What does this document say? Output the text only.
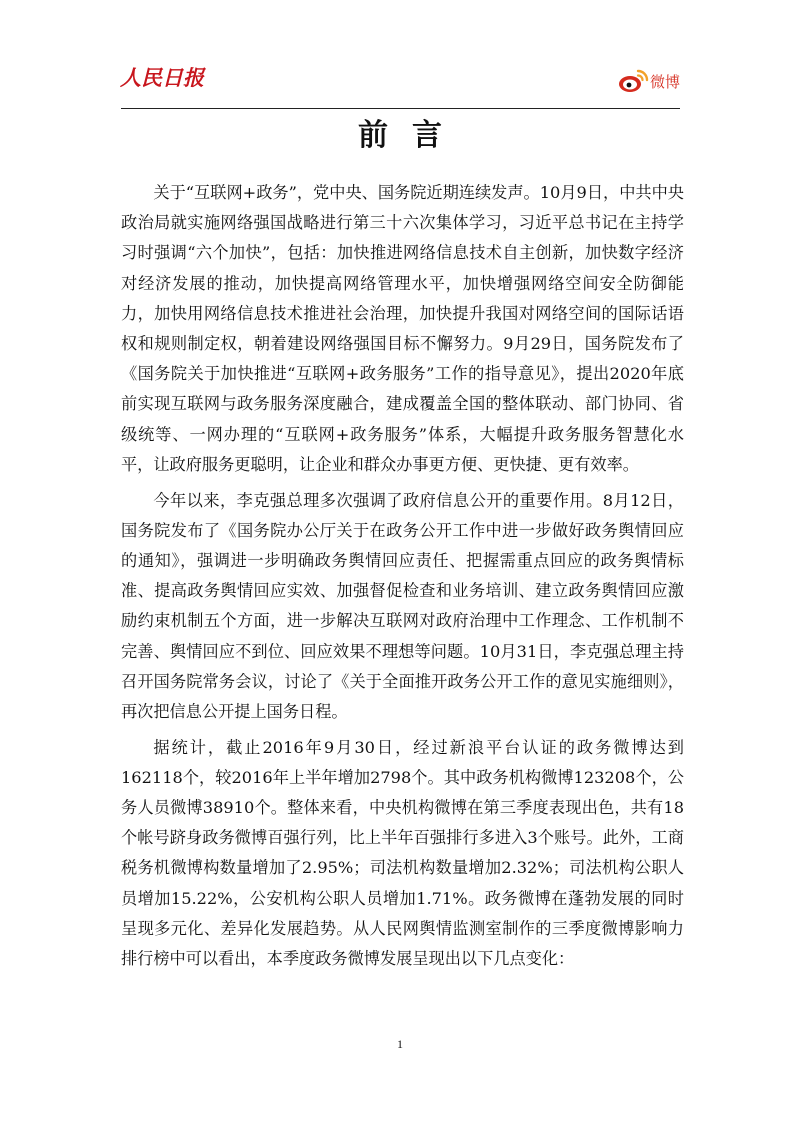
人民日报	微博
前言

关于“互联网+政务”，党中央、国务院近期连续发声。10月9日，中共中央政治局就实施网络强国战略进行第三十六次集体学习，习近平总书记在主持学习时强调“六个加快”，包括：加快推进网络信息技术自主创新，加快数字经济对经济发展的推动，加快提高网络管理水平，加快增强网络空间安全防御能力，加快用网络信息技术推进社会治理，加快提升我国对网络空间的国际话语权和规则制定权，朝着建设网络强国目标不懈努力。9月29日，国务院发布了《国务院关于加快推进“互联网+政务服务”工作的指导意见》，提出2020年底前实现互联网与政务服务深度融合，建成覆盖全国的整体联动、部门协同、省级统等、一网办理的“互联网+政务服务”体系，大幅提升政务服务智慧化水平，让政府服务更聪明，让企业和群众办事更方便、更快捷、更有效率。

今年以来，李克强总理多次强调了政府信息公开的重要作用。8月12日，国务院发布了《国务院办公厅关于在政务公开工作中进一步做好政务舆情回应的通知》，强调进一步明确政务舆情回应责任、把握需重点回应的政务舆情标准、提高政务舆情回应实效、加强督促检查和业务培训、建立政务舆情回应激励约束机制五个方面，进一步解决互联网对政府治理中工作理念、工作机制不完善、舆情回应不到位、回应效果不理想等问题。10月31日，李克强总理主持召开国务院常务会议，讨论了《关于全面推开政务公开工作的意见实施细则》，再次把信息公开提上国务日程。

据统计，截止2016年9月30日，经过新浪平台认证的政务微博达到162118个，较2016年上半年增加2798个。其中政务机构微博123208个，公务人员微博38910个。整体来看，中央机构微博在第三季度表现出色，共有18个帐号跻身政务微博百强行列，比上半年百强排行多进入3个账号。此外，工商税务机微博构数量增加了2.95%；司法机构数量增加2.32%；司法机构公职人员增加15.22%，公安机构公职人员增加1.71%。政务微博在蓬勃发展的同时呈现多元化、差异化发展趋势。从人民网舆情监测室制作的三季度微博影响力排行榜中可以看出，本季度政务微博发展呈现出以下几点变化：

1
